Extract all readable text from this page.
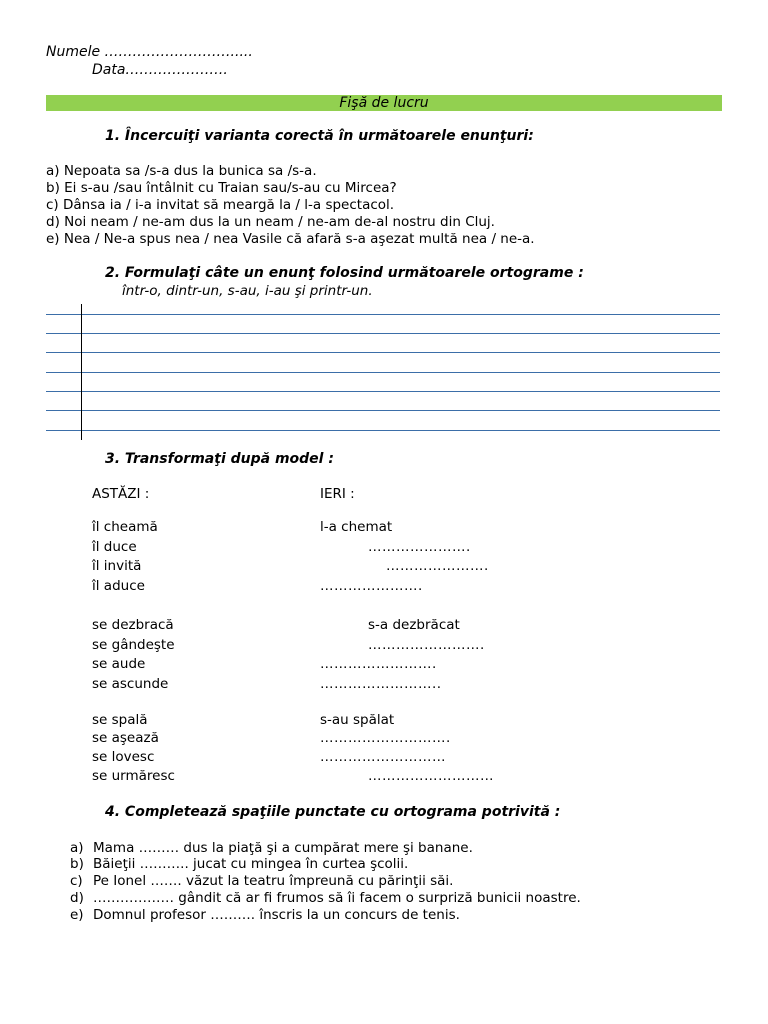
Numele ……………………….....
Data………………….
Fişă de lucru
1. Încercuiţi varianta corectă în următoarele enunţuri:
a) Nepoata sa /s-a dus la bunica sa /s-a.
b) Ei s-au /sau întâlnit cu Traian sau/s-au cu Mircea?
c) Dânsa ia / i-a invitat să meargă la / l-a spectacol.
d) Noi neam / ne-am dus la un neam / ne-am de-al nostru din Cluj.
e) Nea / Ne-a spus nea / nea Vasile că afară s-a aşezat multă nea / ne-a.
2. Formulaţi câte un enunţ folosind următoarele ortograme :
într-o, dintr-un, s-au, i-au şi printr-un.
3. Transformaţi după model :
ASTĂZI :	IERI :
îl cheamă	l-a chemat
îl duce	………………….
îl invită	………………….
îl aduce	………………….
se dezbracă	s-a dezbrăcat
se gândeşte	…………………….
se aude	…………………….
se ascunde	……………………..
se spală	s-au spălat
se aşează	……………………….
se lovesc	………………………
se urmăresc	………………………
4. Completează spaţiile punctate cu ortograma potrivită :
a) Mama ……… dus la piaţă şi a cumpărat mere şi banane.
b) Băieţii ……….. jucat cu mingea în curtea şcolii.
c) Pe Ionel ……. văzut la teatru împreună cu părinţii săi.
d) ……………… gândit că ar fi frumos să îi facem o surpriză bunicii noastre.
e) Domnul profesor ………. înscris la un concurs de tenis.
